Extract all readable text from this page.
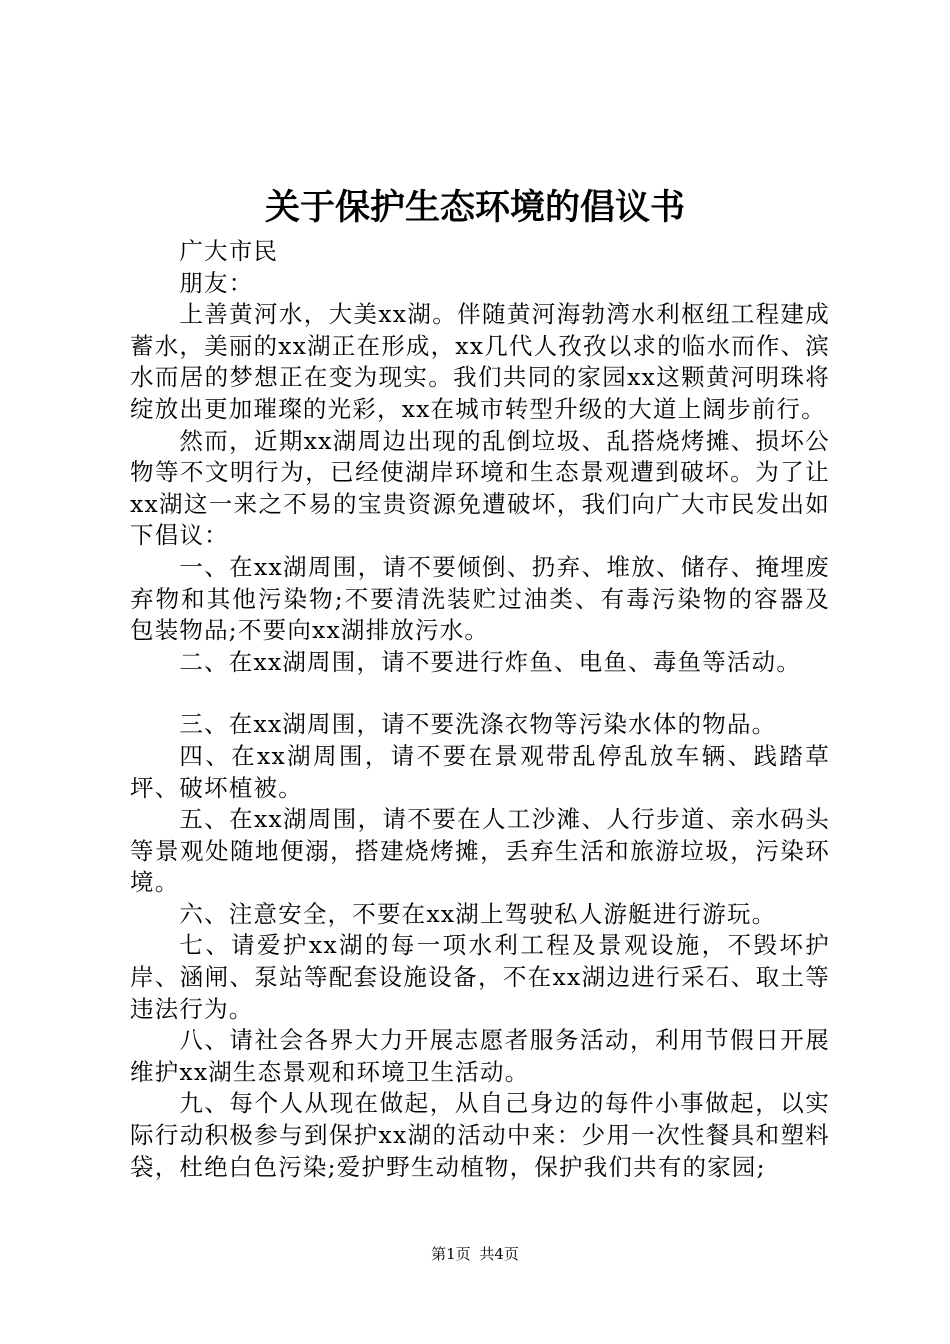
关于保护生态环境的倡议书

广大市民

朋友：

上善黄河水，大美xx湖。伴随黄河海勃湾水利枢纽工程建成蓄水，美丽的xx湖正在形成，xx几代人孜孜以求的临水而作、滨水而居的梦想正在变为现实。我们共同的家园xx这颗黄河明珠将绽放出更加璀璨的光彩，xx在城市转型升级的大道上阔步前行。

然而，近期xx湖周边出现的乱倒垃圾、乱搭烧烤摊、损坏公物等不文明行为，已经使湖岸环境和生态景观遭到破坏。为了让xx湖这一来之不易的宝贵资源免遭破坏，我们向广大市民发出如下倡议：

一、在xx湖周围，请不要倾倒、扔弃、堆放、储存、掩埋废弃物和其他污染物;不要清洗装贮过油类、有毒污染物的容器及包装物品;不要向xx湖排放污水。

二、在xx湖周围，请不要进行炸鱼、电鱼、毒鱼等活动。

三、在xx湖周围，请不要洗涤衣物等污染水体的物品。

四、在xx湖周围，请不要在景观带乱停乱放车辆、践踏草坪、破坏植被。

五、在xx湖周围，请不要在人工沙滩、人行步道、亲水码头等景观处随地便溺，搭建烧烤摊，丢弃生活和旅游垃圾，污染环境。

六、注意安全，不要在xx湖上驾驶私人游艇进行游玩。

七、请爱护xx湖的每一项水利工程及景观设施，不毁坏护岸、涵闸、泵站等配套设施设备，不在xx湖边进行采石、取土等违法行为。

八、请社会各界大力开展志愿者服务活动，利用节假日开展维护xx湖生态景观和环境卫生活动。

九、每个人从现在做起，从自己身边的每件小事做起，以实际行动积极参与到保护xx湖的活动中来：少用一次性餐具和塑料袋，杜绝白色污染;爱护野生动植物，保护我们共有的家园;

第1页 共4页
